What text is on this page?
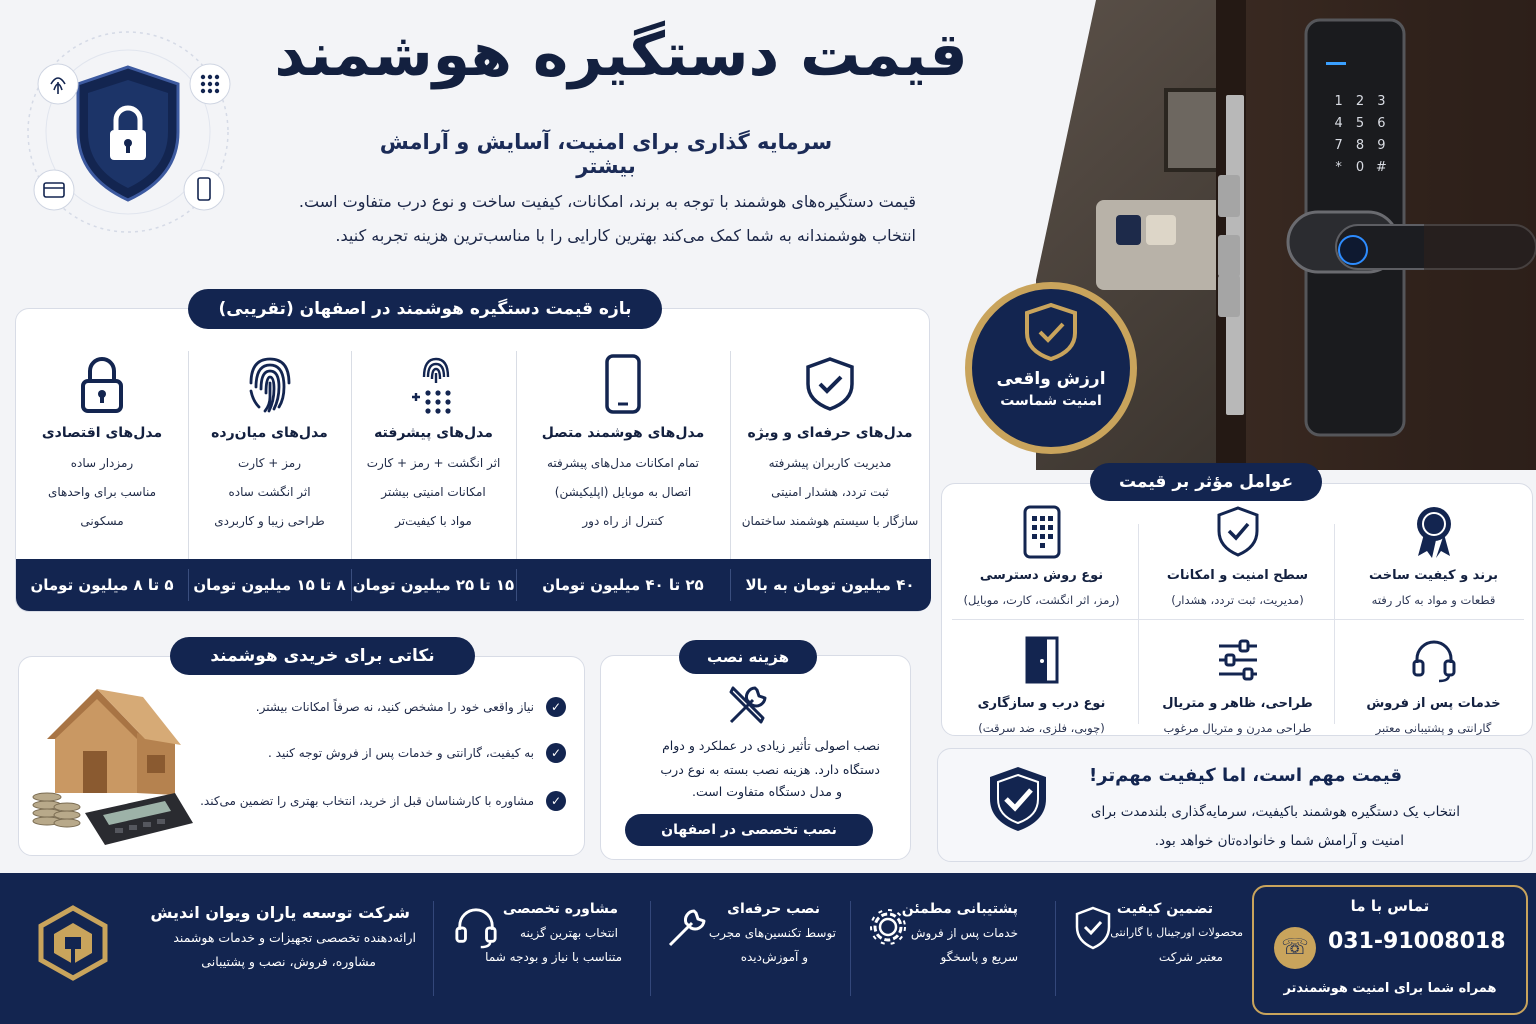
قیمت دستگیره هوشمند
سرمایه گذاری برای امنیت، آسایش و آرامش بیشتر
قیمت دستگیره‌های هوشمند با توجه به برند، امکانات، کیفیت ساخت و نوع درب متفاوت است.
انتخاب هوشمندانه به شما کمک می‌کند بهترین کارایی را با مناسب‌ترین هزینه تجربه کنید.
1	2	3
4	5	6
7	8	9
*	0 #
ارزش واقعی
امنیت شماست
مدل‌های حرفه‌ای و ویژه
مدیریت کاربران پیشرفته
ثبت تردد، هشدار امنیتی
سازگار با سیستم هوشمند ساختمان
مدل‌های هوشمند متصل
تمام امکانات مدل‌های پیشرفته
اتصال به موبایل (اپلیکیشن)
کنترل از راه دور
مدل‌های پیشرفته
اثر انگشت + رمز + کارت
امکانات امنیتی بیشتر
مواد با کیفیت‌تر
مدل‌های میان‌رده
رمز + کارت
اثر انگشت ساده
طراحی زیبا و کاربردی
مدل‌های اقتصادی
رمزدار ساده
مناسب برای واحدهای
مسکونی
۴۰ میلیون تومان به بالا
۲۵ تا ۴۰ میلیون تومان
۱۵ تا ۲۵ میلیون تومان
۸ تا ۱۵ میلیون تومان
۵ تا ۸ میلیون تومان
بازه قیمت دستگیره هوشمند در اصفهان (تقریبی)
برند و کیفیت ساخت
قطعات و مواد به کار رفته
سطح امنیت و امکانات
(مدیریت، ثبت تردد، هشدار)
نوع روش دسترسی
(رمز، اثر انگشت، کارت، موبایل)
خدمات پس از فروش
گارانتی و پشتیبانی معتبر
طراحی، ظاهر و متریال
طراحی مدرن و متریال مرغوب
نوع درب و سازگاری
(چوبی، فلزی، ضد سرقت)
عوامل مؤثر بر قیمت
قیمت مهم است، اما کیفیت مهم‌تر!
انتخاب یک دستگیره هوشمند باکیفیت، سرمایه‌گذاری بلندمدت برای
امنیت و آرامش شما و خانواده‌تان خواهد بود.
✓
نیاز واقعی خود را مشخص کنید، نه صرفاً امکانات بیشتر.
✓
به کیفیت، گارانتی و خدمات پس از فروش توجه کنید .
✓
مشاوره با کارشناسان قبل از خرید، انتخاب بهتری را تضمین می‌کند.
نکاتی برای خریدی هوشمند
نصب اصولی تأثیر زیادی در عملکرد و دوام
دستگاه دارد. هزینه نصب بسته به نوع درب
و مدل دستگاه متفاوت است.
نصب تخصصی در اصفهان
هزینه نصب
تماس با ما
☏ 031-91008018
همراه شما برای امنیت هوشمندتر
تضمین کیفیت
محصولات اورجینال با گارانتی
معتبر شرکت
پشتیبانی مطمئن
خدمات پس از فروش
سریع و پاسخگو
نصب حرفه‌ای
توسط تکنسین‌های مجرب
و آموزش‌دیده
مشاوره تخصصی
انتخاب بهترین گزینه
متناسب با نیاز و بودجه شما
شرکت توسعه یاران ویوان اندیش
ارائه‌دهنده تخصصی تجهیزات و خدمات هوشمند
مشاوره، فروش، نصب و پشتیبانی
